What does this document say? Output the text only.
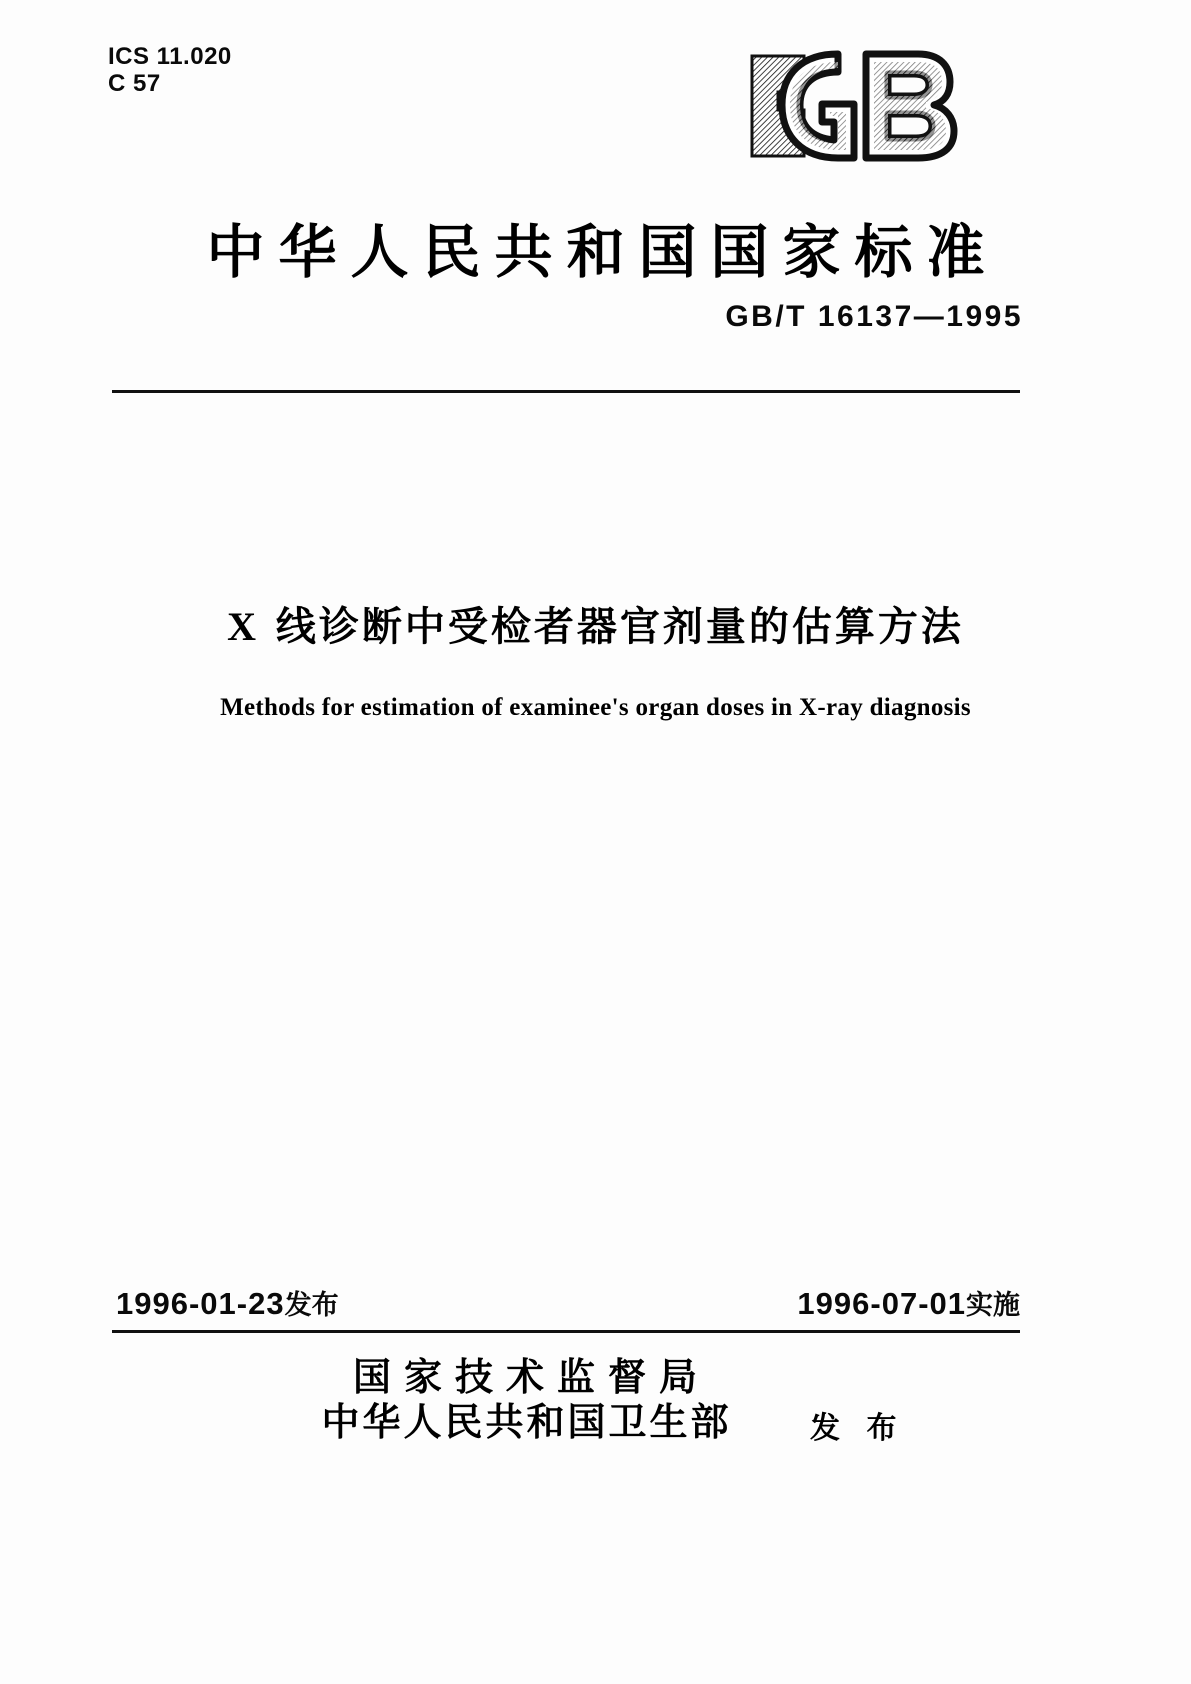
ICS 11.020
C 57
中华人民共和国国家标准
GB/T 16137—1995
X 线诊断中受检者器官剂量的估算方法
Methods for estimation of examinee's organ doses in X-ray diagnosis
1996-01-23发布	1996-07-01实施
国家技术监督局
中华人民共和国卫生部	发 布
